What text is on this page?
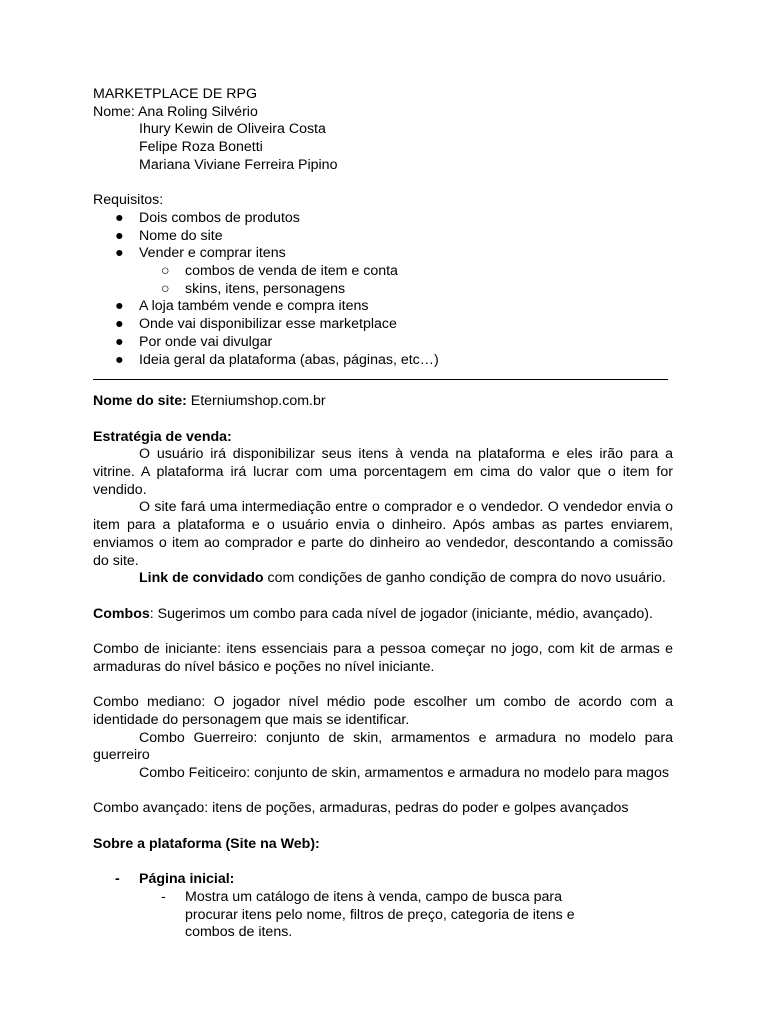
MARKETPLACE DE RPG
Nome: Ana Roling Silvério
Ihury Kewin de Oliveira Costa
Felipe Roza Bonetti
Mariana Viviane Ferreira Pipino
Requisitos:
●	Dois combos de produtos
●	Nome do site
●	Vender e comprar itens
○	combos de venda de item e conta
○	skins, itens, personagens
●	A loja também vende e compra itens
●	Onde vai disponibilizar esse marketplace
●	Por onde vai divulgar
●	Ideia geral da plataforma (abas, páginas, etc…)
Nome do site: Eterniumshop.com.br
Estratégia de venda:
O usuário irá disponibilizar seus itens à venda na plataforma e eles irão para a
vitrine. A plataforma irá lucrar com uma porcentagem em cima do valor que o item for
vendido.
O site fará uma intermediação entre o comprador e o vendedor. O vendedor envia o
item para a plataforma e o usuário envia o dinheiro. Após ambas as partes enviarem,
enviamos o item ao comprador e parte do dinheiro ao vendedor, descontando a comissão
do site.
Link de convidado com condições de ganho condição de compra do novo usuário.
Combos: Sugerimos um combo para cada nível de jogador (iniciante, médio, avançado).
Combo de iniciante: itens essenciais para a pessoa começar no jogo, com kit de armas e
armaduras do nível básico e poções no nível iniciante.
Combo mediano: O jogador nível médio pode escolher um combo de acordo com a
identidade do personagem que mais se identificar.
Combo Guerreiro: conjunto de skin, armamentos e armadura no modelo para
guerreiro
Combo Feiticeiro: conjunto de skin, armamentos e armadura no modelo para magos
Combo avançado: itens de poções, armaduras, pedras do poder e golpes avançados
Sobre a plataforma (Site na Web):
-	Página inicial:
-	Mostra um catálogo de itens à venda, campo de busca para procurar itens pelo nome, filtros de preço, categoria de itens e combos de itens.
